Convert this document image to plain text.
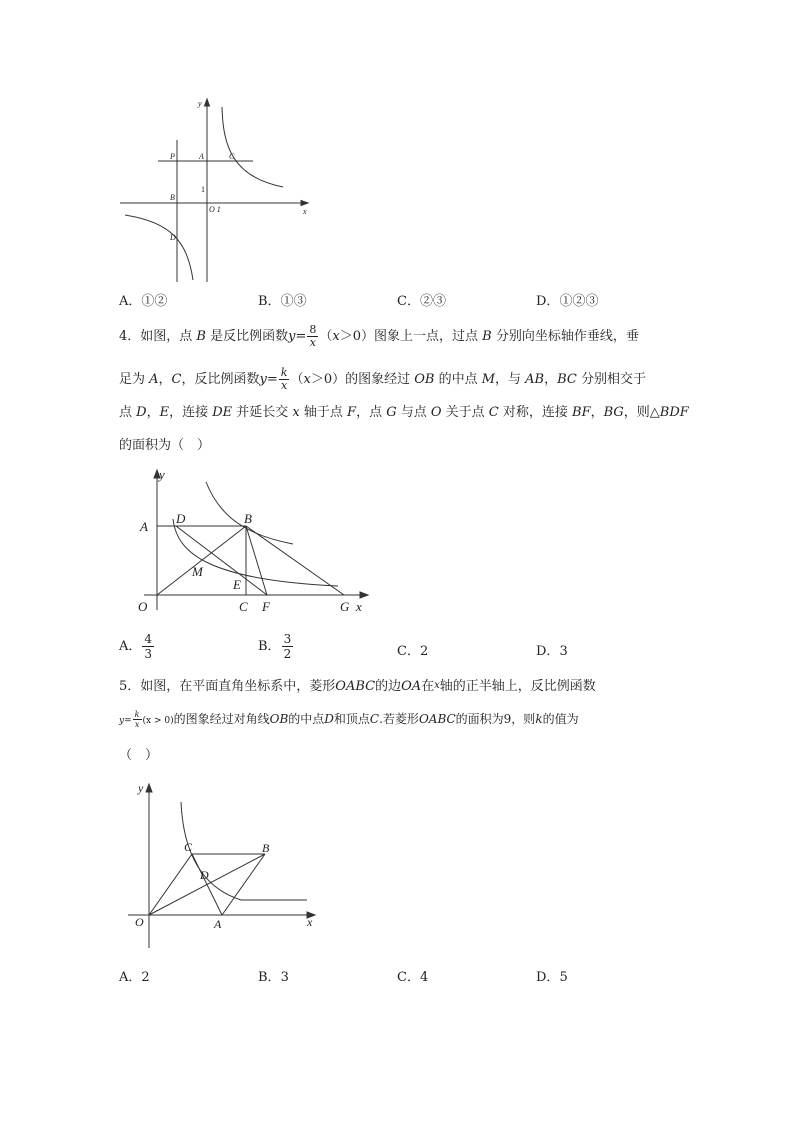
y
x
P	A	C
1
B
O 1
D
A．①②	B．①③	C．②③	D．①②③
4．如图，点 B 是反比例函数$y= \frac{8}{x} (x>0)$图象上一点，过点 B 分别向坐标轴作垂线，垂
足为 A，C，反比例函数$y= \frac{k}{x} (x>0)$的图象经过 OB 的中点 M，与 AB，BC 分别相交于
点 D，E，连接 DE 并延长交 x 轴于点 F，点 G 与点 O 关于点 C 对称，连接 BF，BG，则△BDF
的面积为（　）
y
A
D	B
M
E
O	C F	G x
A． $\frac{4}{3}$	B． $\frac{3}{2}$	C．2	D．3
5．如图，在平面直角坐标系中，菱形OABC的边OA在x轴的正半轴上，反比例函数
$y= \frac{k}{x} (x > 0)$的图象经过对角线OB的中点D和顶点C.若菱形OABC的面积为9，则k的值为
（　）
y
C	B
D
O	A	x
A．2	B．3	C．4	D．5
